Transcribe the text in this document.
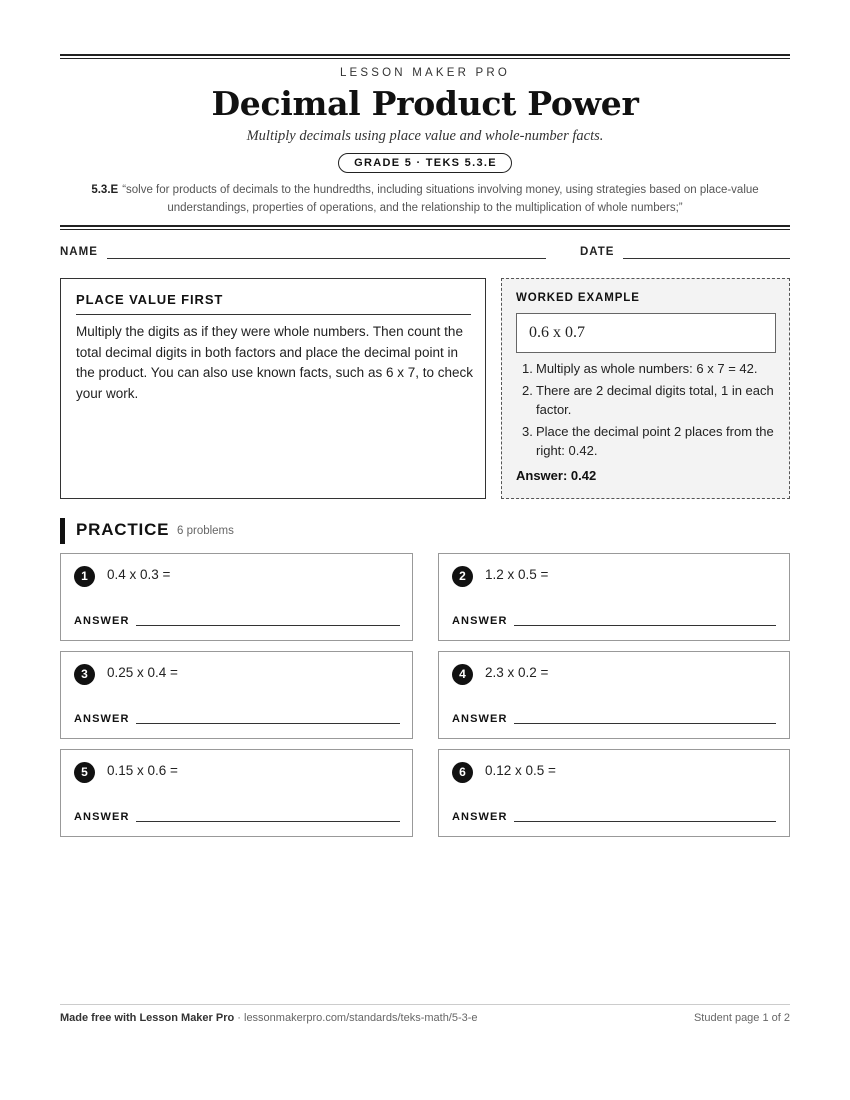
LESSON MAKER PRO
Decimal Product Power
Multiply decimals using place value and whole-number facts.
GRADE 5 · TEKS 5.3.E
5.3.E “solve for products of decimals to the hundredths, including situations involving money, using strategies based on place-value understandings, properties of operations, and the relationship to the multiplication of whole numbers;”
NAME	DATE
PLACE VALUE FIRST
Multiply the digits as if they were whole numbers. Then count the total decimal digits in both factors and place the decimal point in the product. You can also use known facts, such as 6 x 7, to check your work.
WORKED EXAMPLE
0.6 x 0.7
1. Multiply as whole numbers: 6 x 7 = 42.
2. There are 2 decimal digits total, 1 in each factor.
3. Place the decimal point 2 places from the right: 0.42.
Answer: 0.42
PRACTICE 6 problems
1	0.4 x 0.3 =
ANSWER
2	1.2 x 0.5 =
ANSWER
3	0.25 x 0.4 =
ANSWER
4	2.3 x 0.2 =
ANSWER
5	0.15 x 0.6 =
ANSWER
6	0.12 x 0.5 =
ANSWER
Made free with Lesson Maker Pro · lessonmakerpro.com/standards/teks-math/5-3-e	Student page 1 of 2
